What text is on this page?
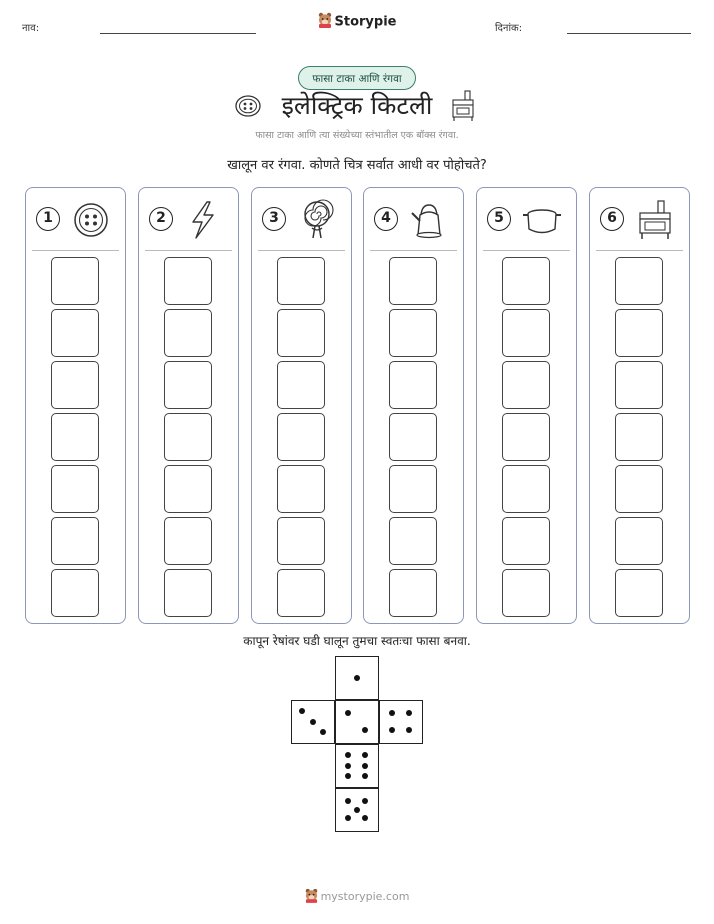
नाव:	Storypie	दिनांक:
फासा टाका आणि रंगवा
इलेक्ट्रिक किटली
फासा टाका आणि त्या संख्येच्या स्तंभातील एक बॉक्स रंगवा.
खालून वर रंगवा. कोणते चित्र सर्वात आधी वर पोहोचते?
1	2	3	4	5	6
कापून रेषांवर घडी घालून तुमचा स्वतःचा फासा बनवा.
mystorypie.com
